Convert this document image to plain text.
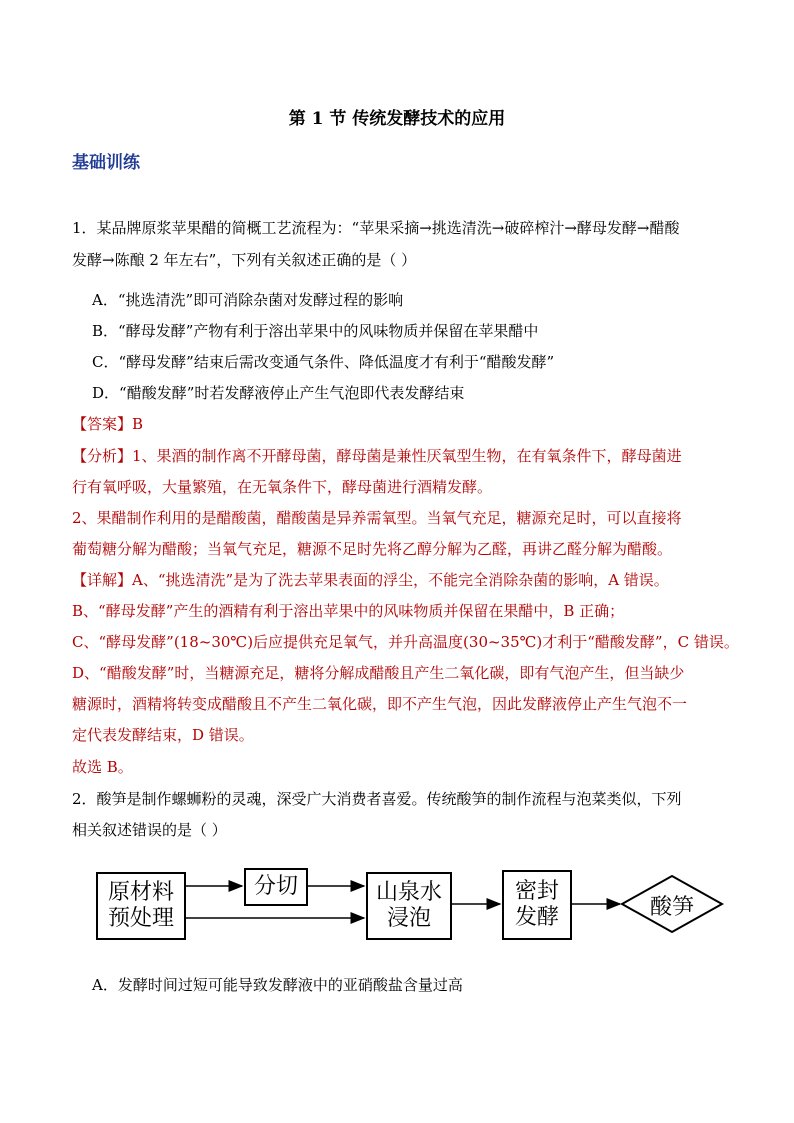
第 1 节 传统发酵技术的应用
基础训练
1．某品牌原浆苹果醋的简概工艺流程为：“苹果采摘→挑选清洗→破碎榨汁→酵母发酵→醋酸
发酵→陈酿 2 年左右”，下列有关叙述正确的是（ ）
A．“挑选清洗”即可消除杂菌对发酵过程的影响
B．“酵母发酵”产物有利于溶出苹果中的风味物质并保留在苹果醋中
C．“酵母发酵”结束后需改变通气条件、降低温度才有利于“醋酸发酵”
D．“醋酸发酵”时若发酵液停止产生气泡即代表发酵结束
【答案】B
【分析】1、果酒的制作离不开酵母菌，酵母菌是兼性厌氧型生物，在有氧条件下，酵母菌进
行有氧呼吸，大量繁殖，在无氧条件下，酵母菌进行酒精发酵。
2、果醋制作利用的是醋酸菌，醋酸菌是异养需氧型。当氧气充足，糖源充足时，可以直接将
葡萄糖分解为醋酸；当氧气充足，糖源不足时先将乙醇分解为乙醛，再讲乙醛分解为醋酸。
【详解】A、“挑选清洗”是为了洗去苹果表面的浮尘，不能完全消除杂菌的影响，A 错误。
B、“酵母发酵”产生的酒精有利于溶出苹果中的风味物质并保留在果醋中，B 正确；
C、“酵母发酵”(18~30℃)后应提供充足氧气，并升高温度(30~35℃)才利于“醋酸发酵”，C 错误。
D、“醋酸发酵”时，当糖源充足，糖将分解成醋酸且产生二氧化碳，即有气泡产生，但当缺少
糖源时，酒精将转变成醋酸且不产生二氧化碳，即不产生气泡，因此发酵液停止产生气泡不一
定代表发酵结束，D 错误。
故选 B。
2．酸笋是制作螺蛳粉的灵魂，深受广大消费者喜爱。传统酸笋的制作流程与泡菜类似，下列
相关叙述错误的是（ ）
原材料
预处理
分切	山泉水
浸泡
密封
发酵	酸笋
A．发酵时间过短可能导致发酵液中的亚硝酸盐含量过高
